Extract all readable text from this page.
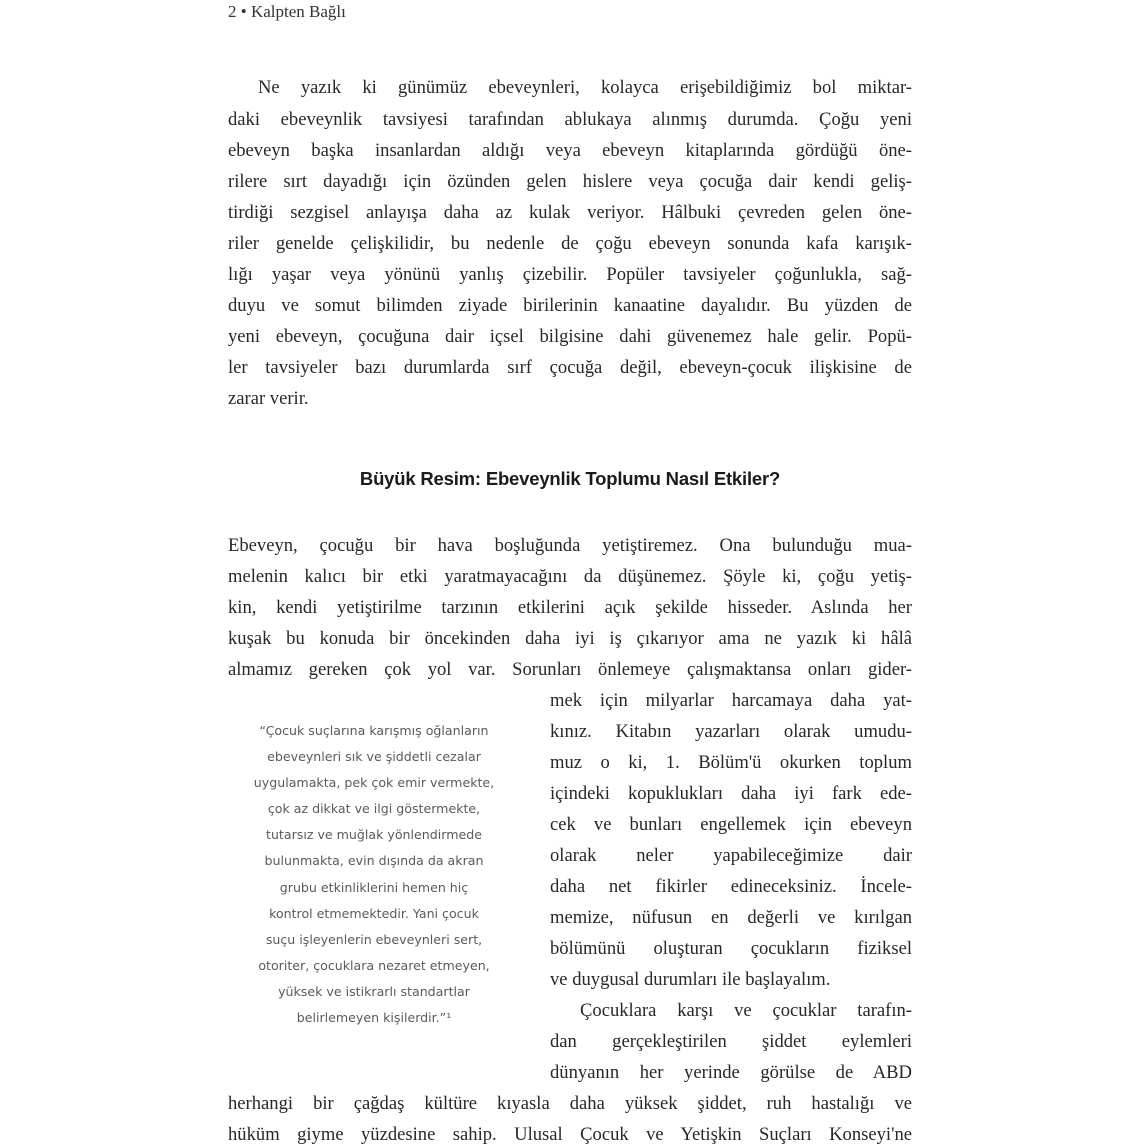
2 • Kalpten Bağlı
Ne yazık ki günümüz ebeveynleri, kolayca erişebildiğimiz bol miktar-
daki ebeveynlik tavsiyesi tarafından ablukaya alınmış durumda. Çoğu yeni
ebeveyn başka insanlardan aldığı veya ebeveyn kitaplarında gördüğü öne-
rilere sırt dayadığı için özünden gelen hislere veya çocuğa dair kendi geliş-
tirdiği sezgisel anlayışa daha az kulak veriyor. Hâlbuki çevreden gelen öne-
riler genelde çelişkilidir, bu nedenle de çoğu ebeveyn sonunda kafa karışık-
lığı yaşar veya yönünü yanlış çizebilir. Popüler tavsiyeler çoğunlukla, sağ-
duyu ve somut bilimden ziyade birilerinin kanaatine dayalıdır. Bu yüzden de
yeni ebeveyn, çocuğuna dair içsel bilgisine dahi güvenemez hale gelir. Popü-
ler tavsiyeler bazı durumlarda sırf çocuğa değil, ebeveyn-çocuk ilişkisine de
zarar verir.
Büyük Resim: Ebeveynlik Toplumu Nasıl Etkiler?
Ebeveyn, çocuğu bir hava boşluğunda yetiştiremez. Ona bulunduğu mua-
melenin kalıcı bir etki yaratmayacağını da düşünemez. Şöyle ki, çoğu yetiş-
kin, kendi yetiştirilme tarzının etkilerini açık şekilde hisseder. Aslında her
kuşak bu konuda bir öncekinden daha iyi iş çıkarıyor ama ne yazık ki hâlâ
almamız gereken çok yol var. Sorunları önlemeye çalışmaktansa onları gider-
mek için milyarlar harcamaya daha yat-
kınız. Kitabın yazarları olarak umudu-
muz o ki, 1. Bölüm'ü okurken toplum
içindeki kopuklukları daha iyi fark ede-
cek ve bunları engellemek için ebeveyn
olarak neler yapabileceğimize dair
daha net fikirler edineceksiniz. İncele-
memize, nüfusun en değerli ve kırılgan
bölümünü oluşturan çocukların fiziksel
ve duygusal durumları ile başlayalım.
Çocuklara karşı ve çocuklar tarafın-
dan gerçekleştirilen şiddet eylemleri
dünyanın her yerinde görülse de ABD
herhangi bir çağdaş kültüre kıyasla daha yüksek şiddet, ruh hastalığı ve
hüküm giyme yüzdesine sahip. Ulusal Çocuk ve Yetişkin Suçları Konseyi'ne
“Çocuk suçlarına karışmış oğlanların
ebeveynleri sık ve şiddetli cezalar
uygulamakta, pek çok emir vermekte,
çok az dikkat ve ilgi göstermekte,
tutarsız ve muğlak yönlendirmede
bulunmakta, evin dışında da akran
grubu etkinliklerini hemen hiç
kontrol etmemektedir. Yani çocuk
suçu işleyenlerin ebeveynleri sert,
otoriter, çocuklara nezaret etmeyen,
yüksek ve istikrarlı standartlar
belirlemeyen kişilerdir.”¹
